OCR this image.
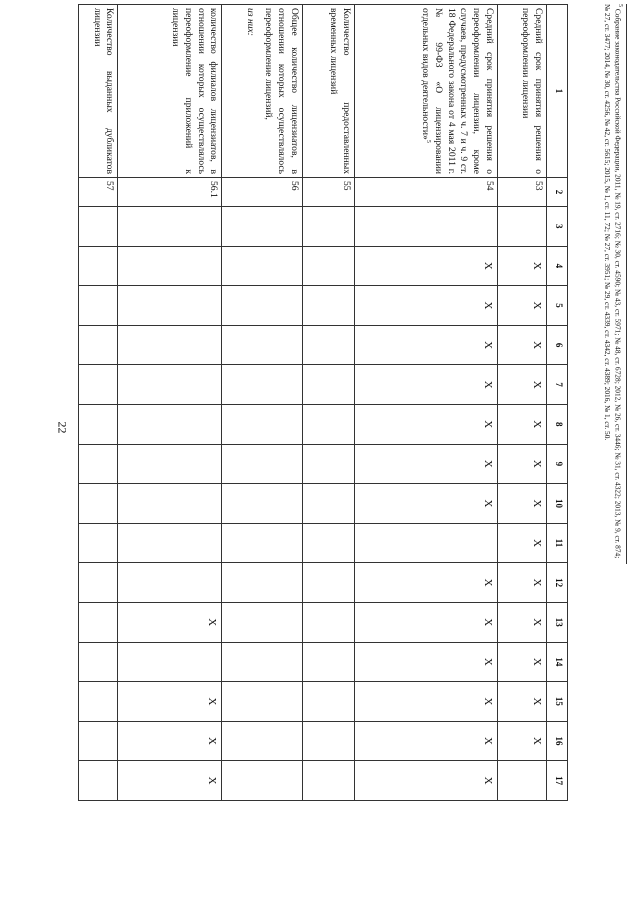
22
1	2	3	4	5	6	7	8	9	10	11	12	13	14	15	16	17
Средний срок принятия решения о переоформлении лицензии	53		X	X	X	X	X	X	X	X	X	X	X	X	X	
Средний срок принятия решения о переоформлении лицензии, кроме случаев, предусмотренных ч. 7 и ч. 9 ст. 18 Федерального закона от 4 мая 2011 г. № 99-ФЗ «О лицензировании отдельных видов деятельности»$^5$	54		X	X	X	X	X	X	X		X	X	X	X	X	X
Количество предоставленных временных лицензий	55															
Общее количество лицензиатов, в отношении которых осуществлялось переоформление лицензий,
из них:	56															
количество филиалов лицензиатов, в отношении которых осуществлялось переоформление приложений к лицензии	56.1											X		X	X	X
Количество выданных дубликатов лицензии	57															
$^5$ Собрание законодательства Российской Федерации, 2011, № 19, ст. 2716; № 30, ст. 4590; № 43, ст. 5971; № 48, ст. 6728; 2012, № 26, ст. 3446; № 31, ст. 4322; 2013, № 9, ст. 874; № 27, ст. 3477; 2014, № 30, ст. 4256, № 42, ст. 5615; 2015, № 1, ст. 11, 72; № 27, ст. 3951; № 29, ст. 4339, ст. 4342, ст. 4389; 2016, № 1, ст. 50.
